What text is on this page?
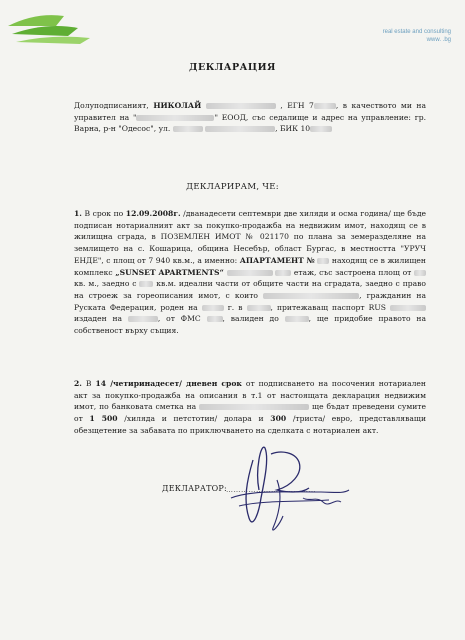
real estate and consulting
www. .bg
ДЕКЛАРАЦИЯ
Долуподписаният, НИКОЛАЙ	, ЕГН 7	, в качеството ми на управител на "	" ЕООД, със седалище и адрес на управление: гр. Варна, р-н "Одесос", ул.	, БИК 10
ДЕКЛАРИРАМ, ЧЕ:
1. В срок по 12.09.2008г. /дванадесети септември две хиляди и осма година/ ще бъде подписан нотариалният акт за покупко-продажба на недвижим имот, находящ се в жилищна сграда, в ПОЗЕМЛЕН ИМОТ № 021170 по плана за земеразделяне на землището на с. Кошарица, община Несебър, област Бургас, в местността "УРУЧ ЕНДЕ", с площ от 7 940 кв.м., а именно: АПАРТАМЕНТ №  находящ се в жилищен комплекс „SUNSET APARTMENTS“	етаж, със застроена площ от  кв. м., заедно с  кв.м. идеални части от общите части на сградата, заедно с право на строеж за гореописания имот, с които	, гражданин на Руската Федерация, роден на	г. в	, притежаващ паспорт RUS  издаден на	, от ФМС , валиден до	, ще придобие правото на собственост върху същия.
2. В 14 /четиринадесет/ дневен срок от подписването на посочения нотариален акт за покупко-продажба на описания в т.1 от настоящата декларация недвижим имот, по банковата сметка на	ще бъдат преведени сумите от 1 500 /хиляда и петстотин/ долара и 300 /триста/ евро, представляващи обезщетение за забавата по приключването на сделката с нотариален акт.
ДЕКЛАРАТОР: ………………………………
